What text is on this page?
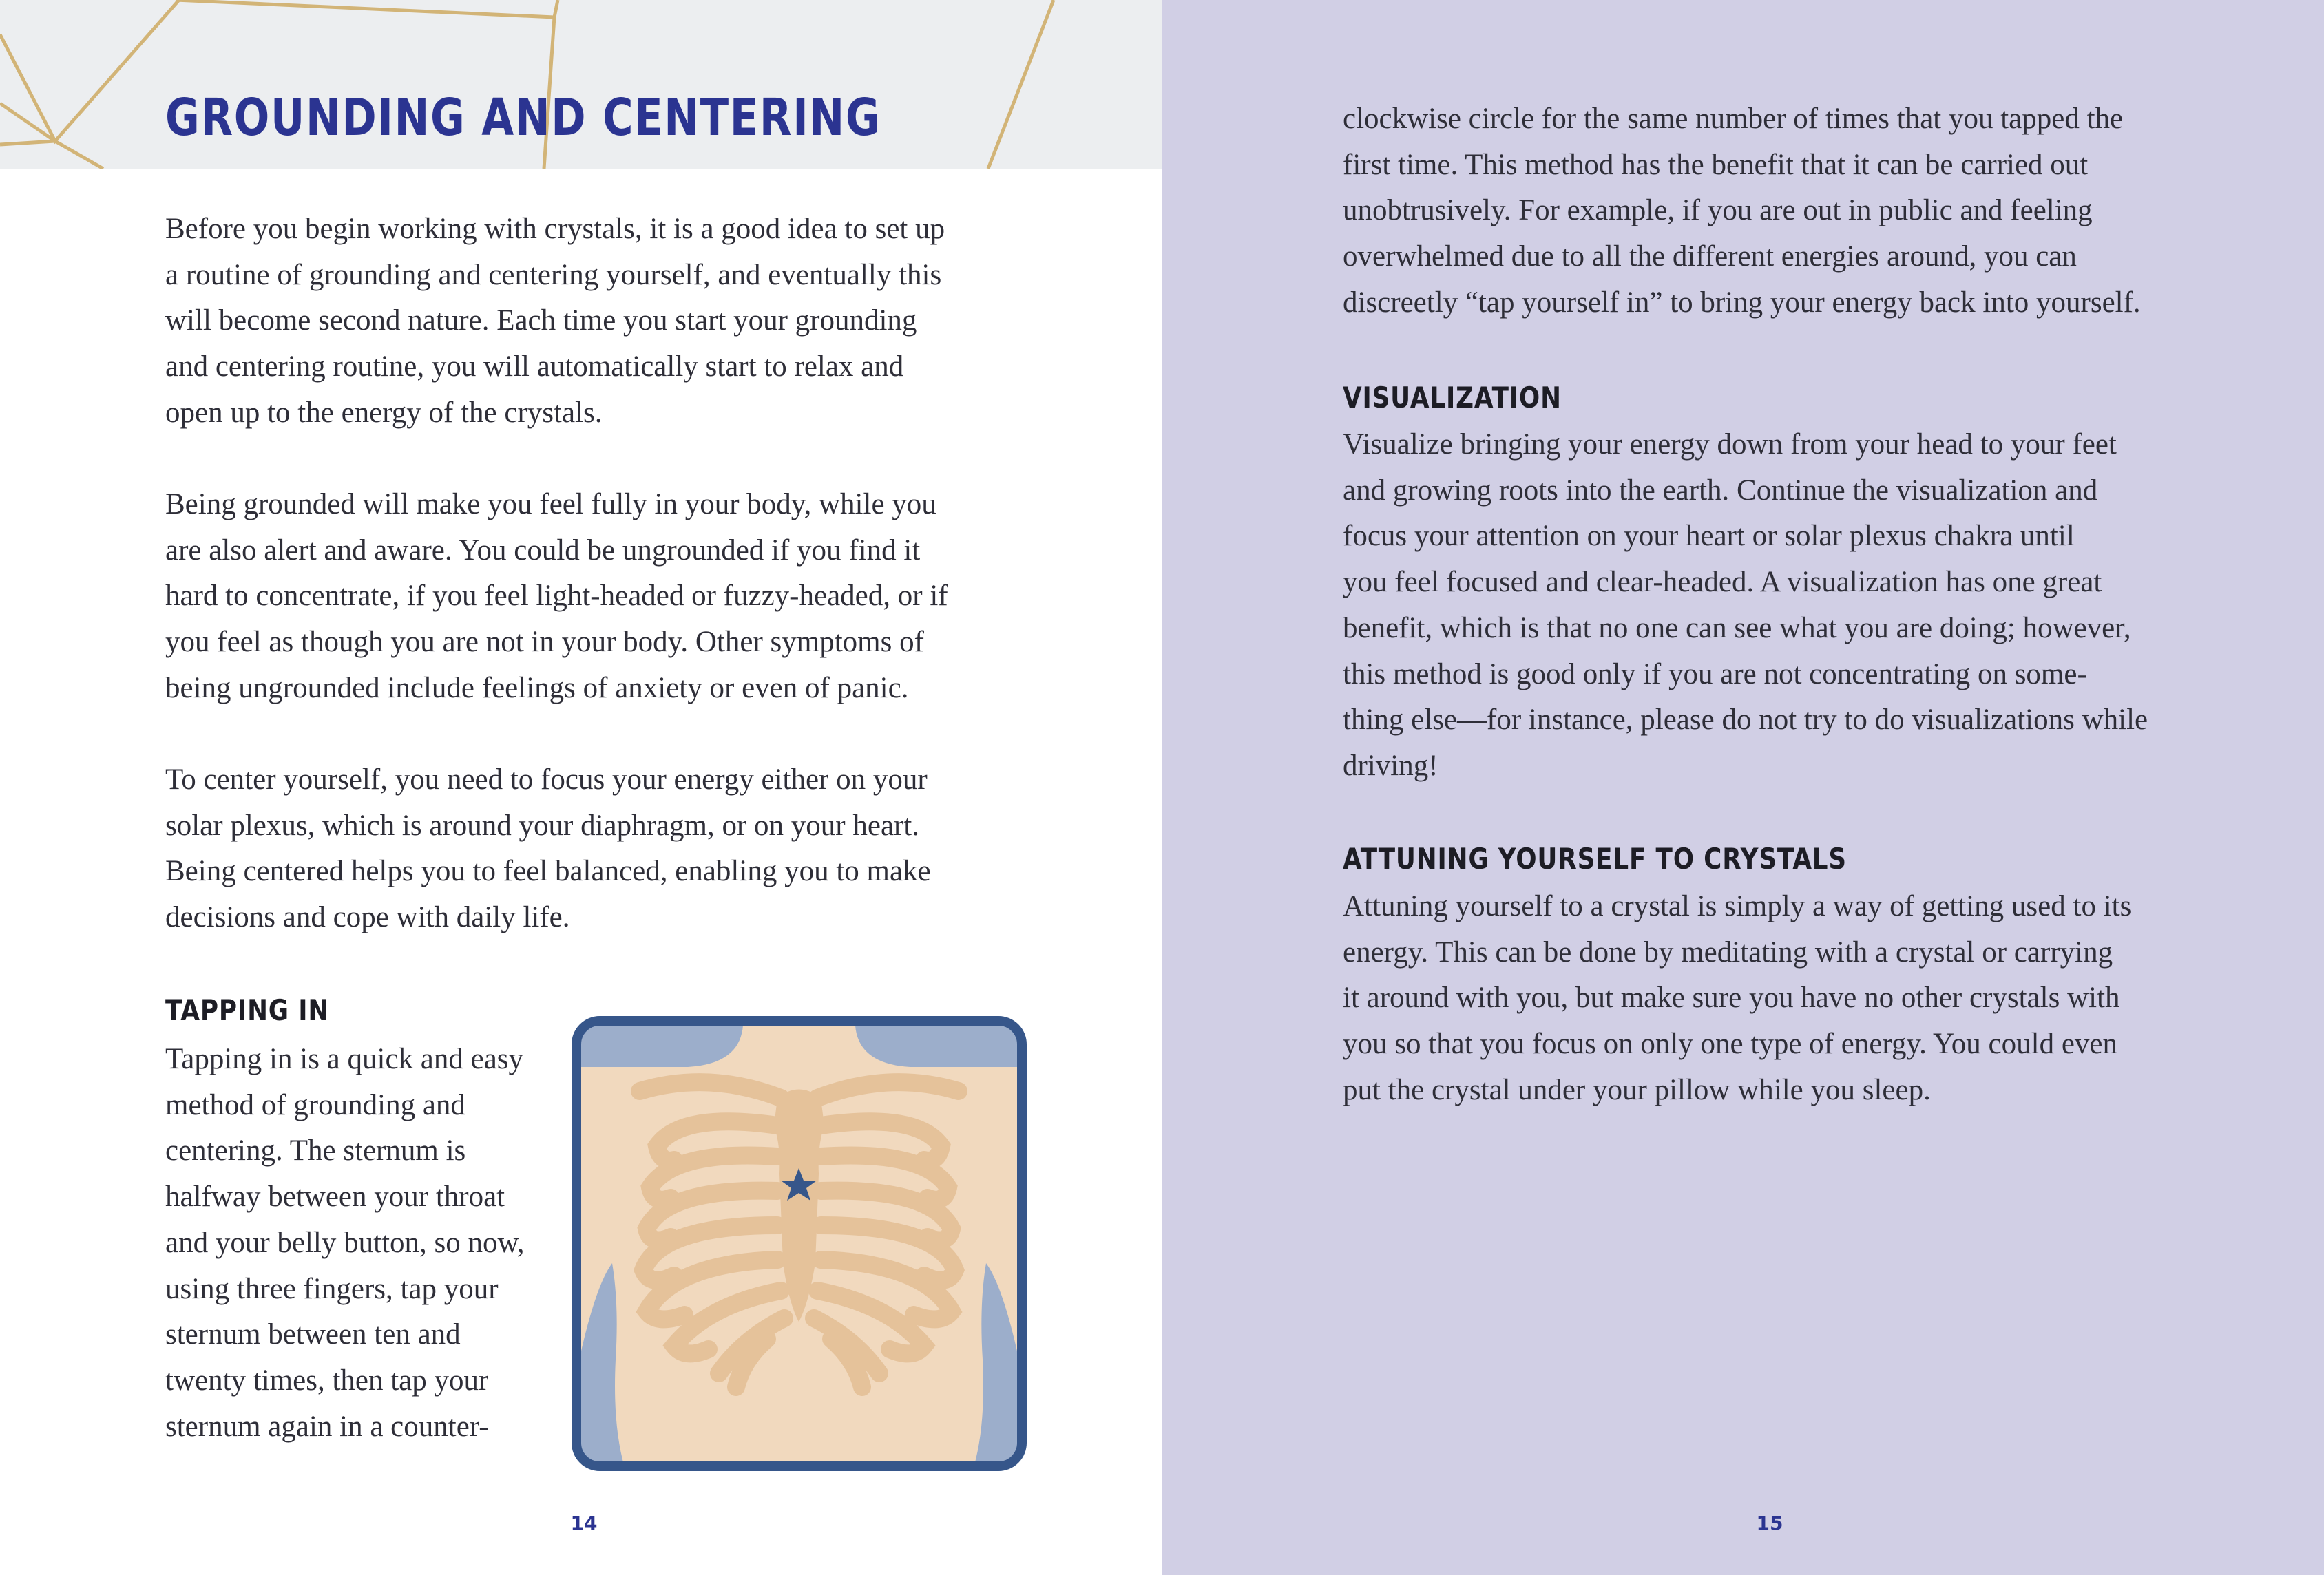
GROUNDING AND CENTERING
Before you begin working with crystals, it is a good idea to set up
a routine of grounding and centering yourself, and eventually this
will become second nature. Each time you start your grounding
and centering routine, you will automatically start to relax and
open up to the energy of the crystals.
Being grounded will make you feel fully in your body, while you
are also alert and aware. You could be ungrounded if you find it
hard to concentrate, if you feel light-headed or fuzzy-headed, or if
you feel as though you are not in your body. Other symptoms of
being ungrounded include feelings of anxiety or even of panic.
To center yourself, you need to focus your energy either on your
solar plexus, which is around your diaphragm, or on your heart.
Being centered helps you to feel balanced, enabling you to make
decisions and cope with daily life.
TAPPING IN
Tapping in is a quick and easy
method of grounding and
centering. The sternum is
halfway between your throat
and your belly button, so now,
using three fingers, tap your
sternum between ten and
twenty times, then tap your
sternum again in a counter-
14
clockwise circle for the same number of times that you tapped the
first time. This method has the benefit that it can be carried out
unobtrusively. For example, if you are out in public and feeling
overwhelmed due to all the different energies around, you can
discreetly “tap yourself in” to bring your energy back into yourself.
VISUALIZATION
Visualize bringing your energy down from your head to your feet
and growing roots into the earth. Continue the visualization and
focus your attention on your heart or solar plexus chakra until
you feel focused and clear-headed. A visualization has one great
benefit, which is that no one can see what you are doing; however,
this method is good only if you are not concentrating on some-
thing else—for instance, please do not try to do visualizations while
driving!
ATTUNING YOURSELF TO CRYSTALS
Attuning yourself to a crystal is simply a way of getting used to its
energy. This can be done by meditating with a crystal or carrying
it around with you, but make sure you have no other crystals with
you so that you focus on only one type of energy. You could even
put the crystal under your pillow while you sleep.
15
